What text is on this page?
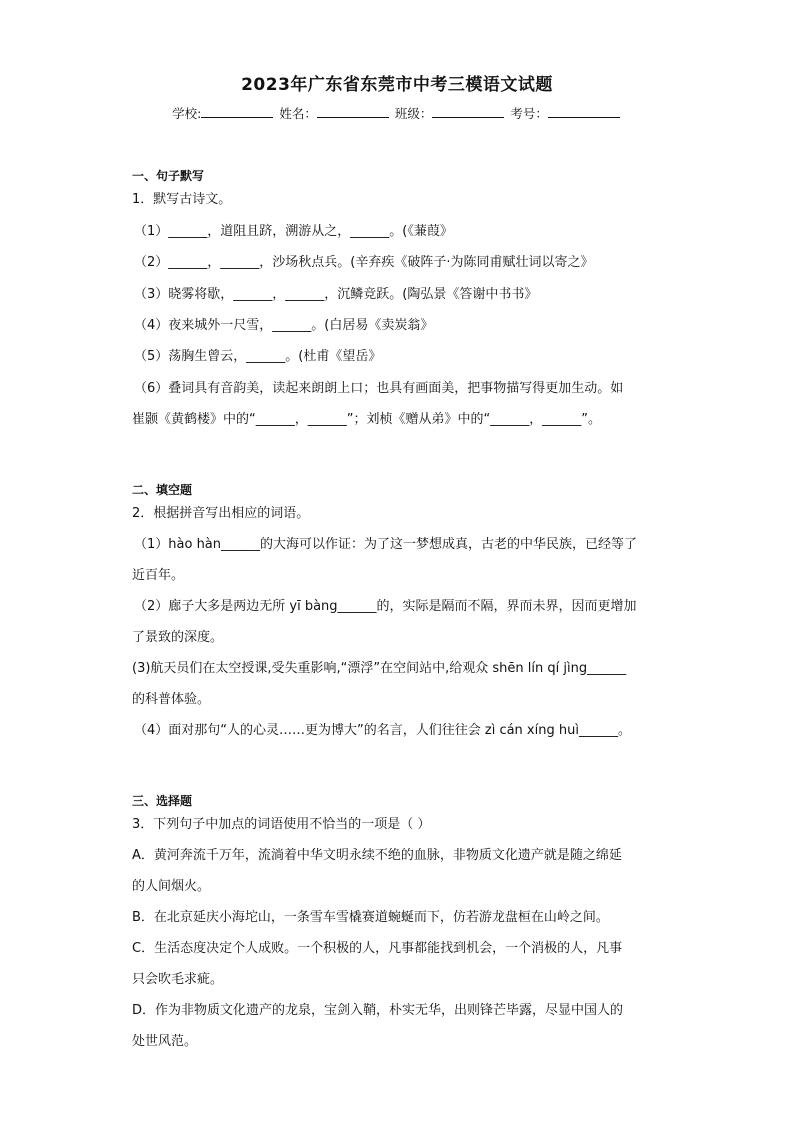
2023年广东省东莞市中考三模语文试题
学校:	姓名：	班级：	考号：
一、句子默写
1．默写古诗文。
（1）______，道阻且跻，溯游从之，______。(《蒹葭》
（2）______，______，沙场秋点兵。(辛弃疾《破阵子·为陈同甫赋壮词以寄之》
（3）晓雾将歇，______，______，沉鳞竞跃。(陶弘景《答谢中书书》
（4）夜来城外一尺雪，______。(白居易《卖炭翁》
（5）荡胸生曾云，______。(杜甫《望岳》
（6）叠词具有音韵美，读起来朗朗上口；也具有画面美，把事物描写得更加生动。如
崔颢《黄鹤楼》中的“______，______”；刘桢《赠从弟》中的“______，______”。
二、填空题
2．根据拼音写出相应的词语。
（1）hào hàn______的大海可以作证：为了这一梦想成真，古老的中华民族，已经等了
近百年。
（2）廊子大多是两边无所 yī bàng______的，实际是隔而不隔，界而未界，因而更增加
了景致的深度。
(3)航天员们在太空授课,受失重影响,“漂浮”在空间站中,给观众 shēn lín qí jìng______
的科普体验。
（4）面对那句“人的心灵……更为博大”的名言，人们往往会 zì cán xíng huì______。
三、选择题
3．下列句子中加点的词语使用不恰当的一项是（ ）
A．黄河奔流千万年，流淌着中华文明永续不绝的血脉，非物质文化遗产就是随之绵延
的人间烟火。
B．在北京延庆小海坨山，一条雪车雪橇赛道蜿蜒而下，仿若游龙盘桓在山岭之间。
C．生活态度决定个人成败。一个积极的人，凡事都能找到机会，一个消极的人，凡事
只会吹毛求疵。
D．作为非物质文化遗产的龙泉，宝剑入鞘，朴实无华，出则锋芒毕露，尽显中国人的
处世风范。
